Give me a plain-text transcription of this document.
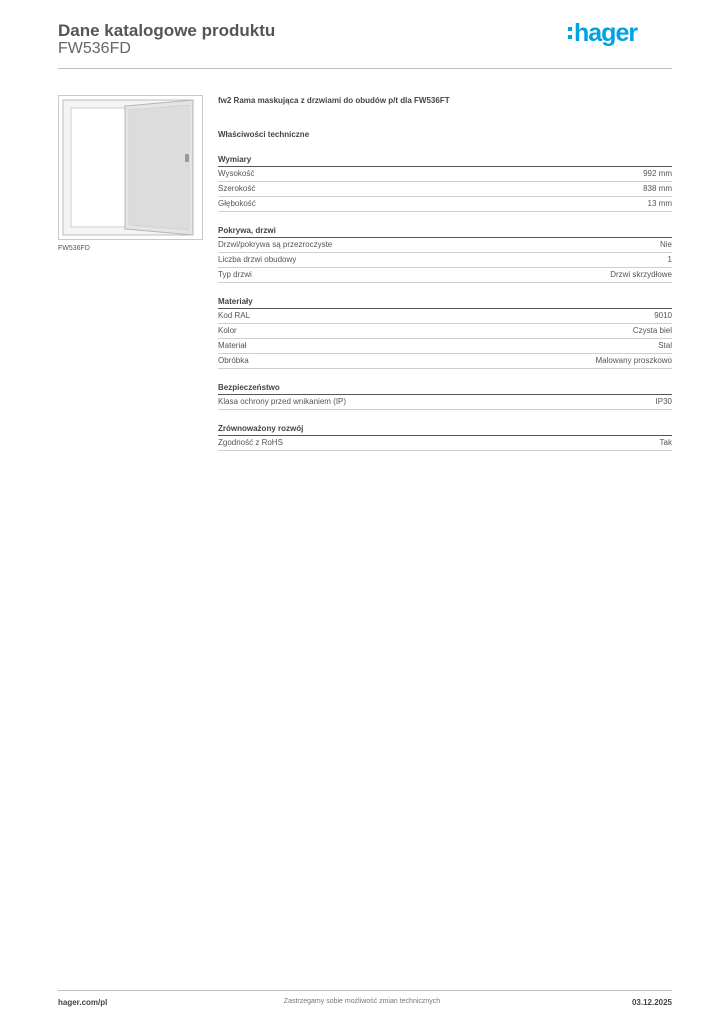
Dane katalogowe produktu
FW536FD
hager
FW536FD
fw2 Rama maskująca z drzwiami do obudów p/t dla FW536FT
Właściwości techniczne
Wymiary
Wysokość	992 mm
Szerokość	838 mm
Głębokość	13 mm
Pokrywa, drzwi
Drzwi/pokrywa są przezroczyste	Nie
Liczba drzwi obudowy	1
Typ drzwi	Drzwi skrzydłowe
Materiały
Kod RAL	9010
Kolor	Czysta biel
Materiał	Stal
Obróbka	Malowany proszkowo
Bezpieczeństwo
Klasa ochrony przed wnikaniem (IP)	IP30
Zrównoważony rozwój
Zgodność z RoHS	Tak
hager.com/pl	Zastrzegamy sobie możliwość zmian technicznych	03.12.2025
